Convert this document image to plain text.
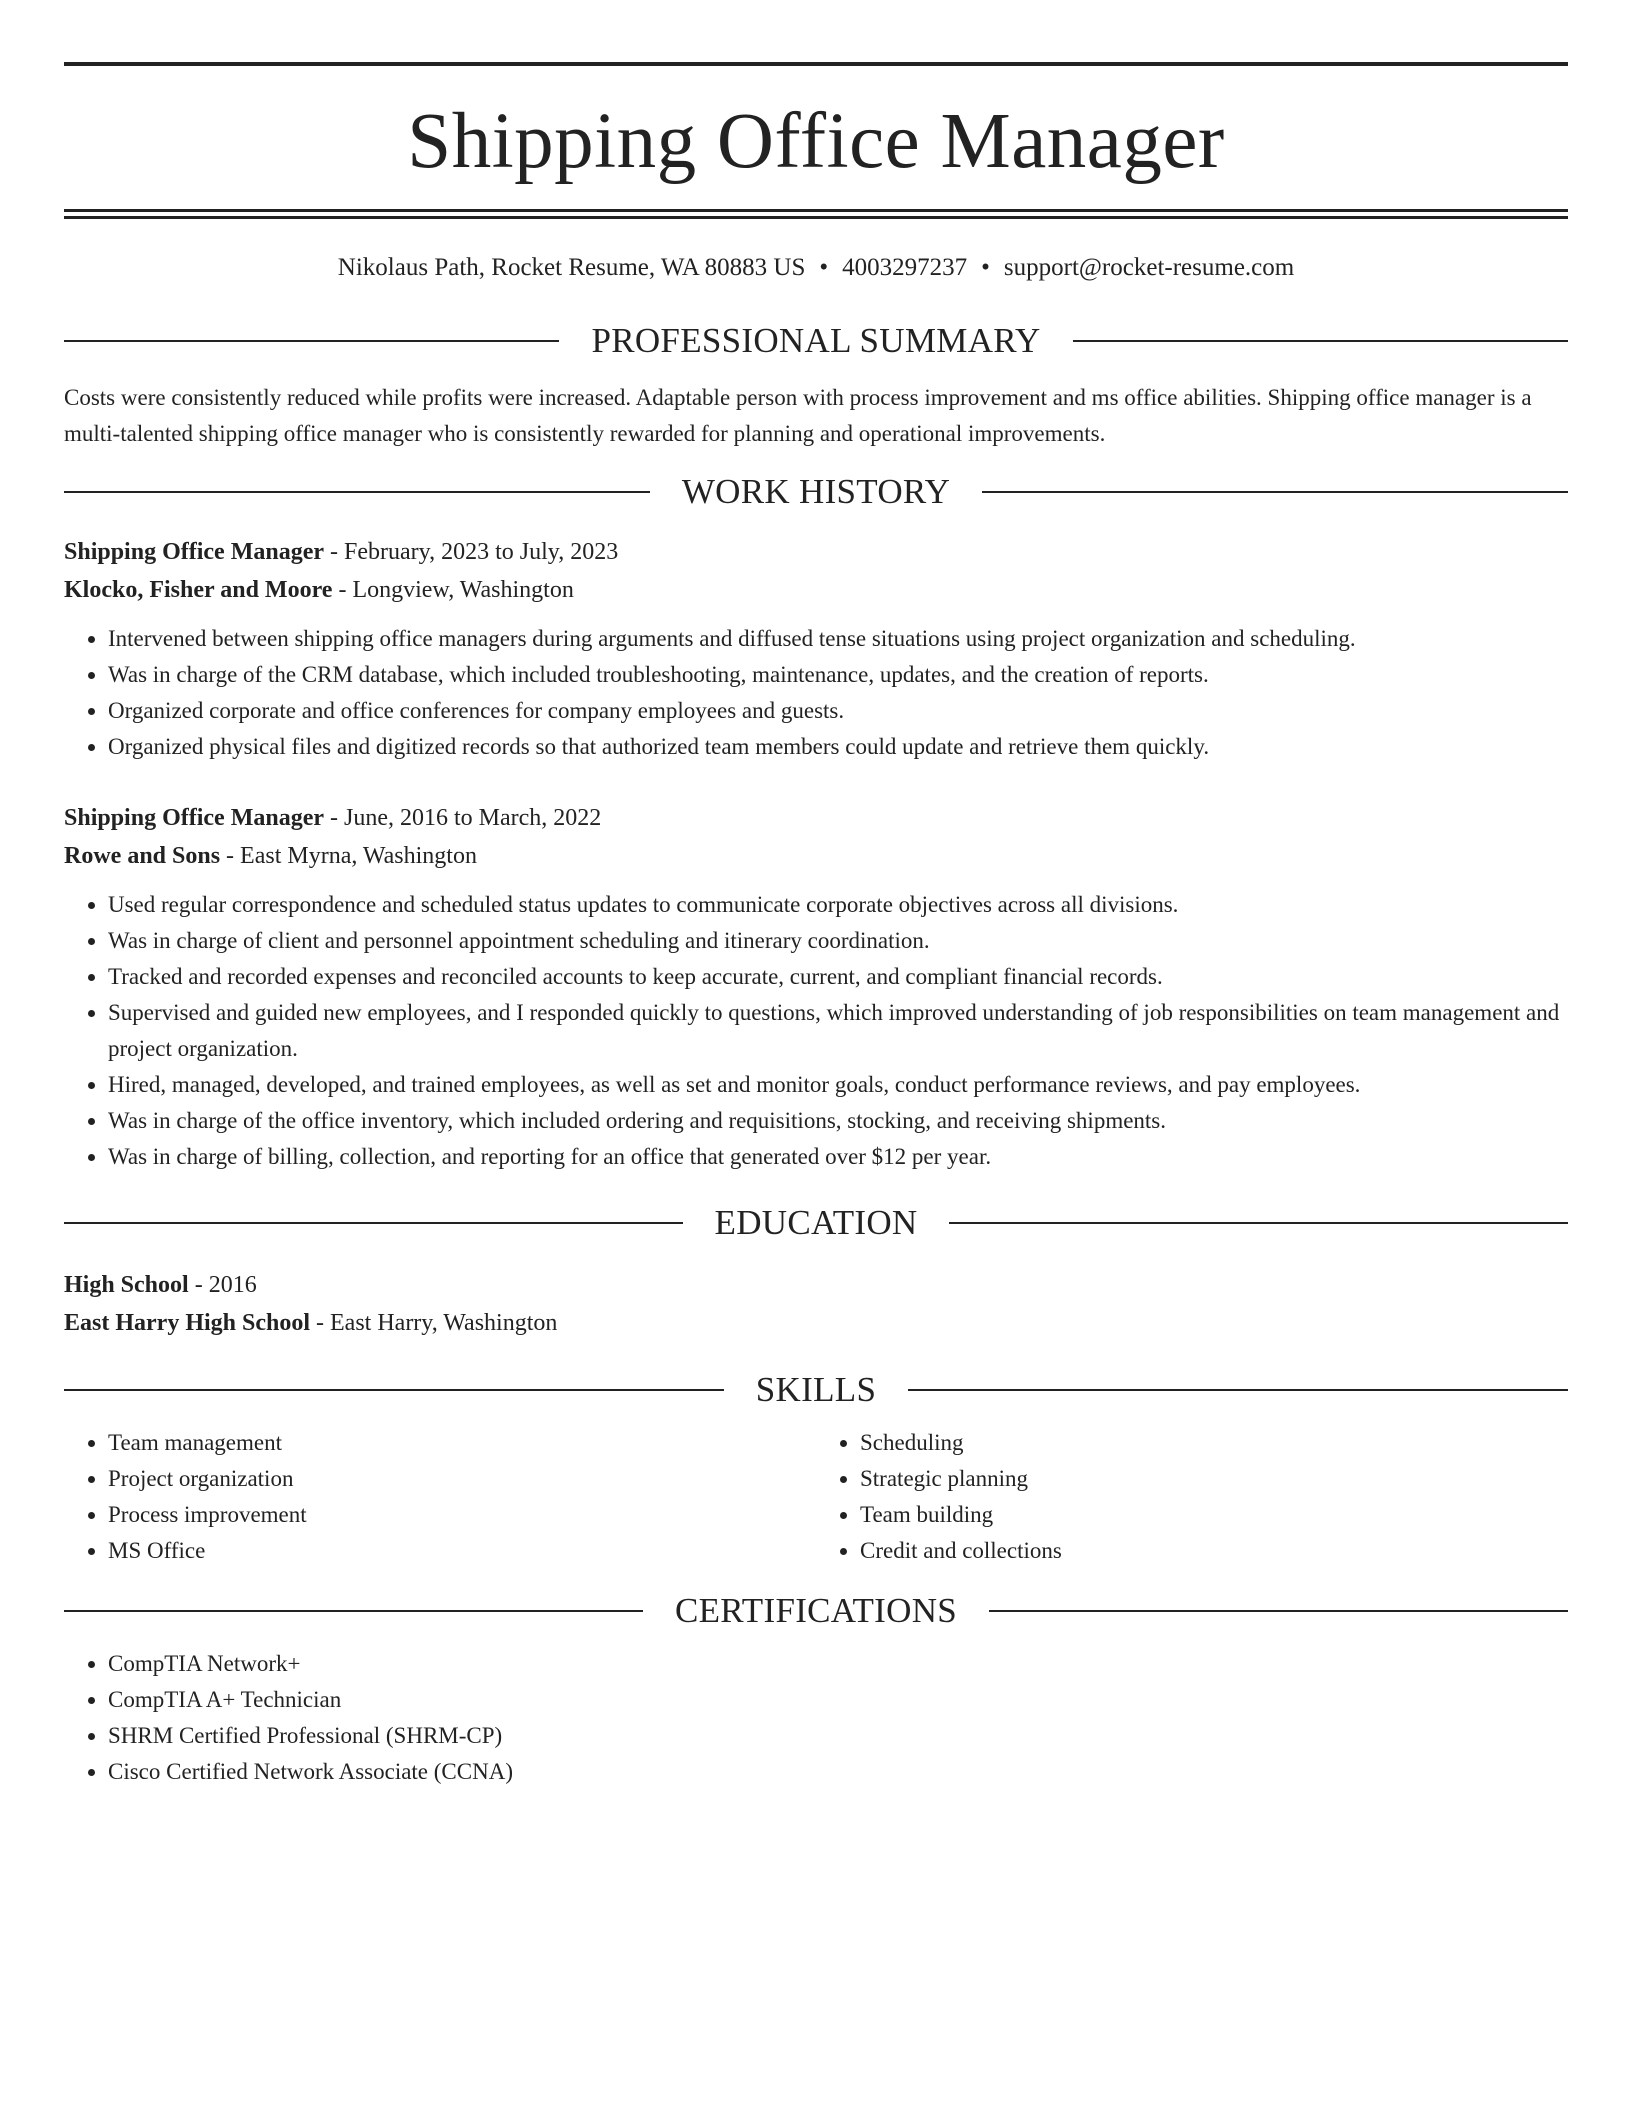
Shipping Office Manager
Nikolaus Path, Rocket Resume, WA 80883 US • 4003297237 • support@rocket-resume.com
PROFESSIONAL SUMMARY

Costs were consistently reduced while profits were increased. Adaptable person with process improvement and ms office abilities. Shipping office manager is a multi-talented shipping office manager who is consistently rewarded for planning and operational improvements.

WORK HISTORY
Shipping Office Manager - February, 2023 to July, 2023
Klocko, Fisher and Moore - Longview, Washington
• Intervened between shipping office managers during arguments and diffused tense situations using project organization and scheduling.
• Was in charge of the CRM database, which included troubleshooting, maintenance, updates, and the creation of reports.
• Organized corporate and office conferences for company employees and guests.
• Organized physical files and digitized records so that authorized team members could update and retrieve them quickly.
Shipping Office Manager - June, 2016 to March, 2022
Rowe and Sons - East Myrna, Washington
• Used regular correspondence and scheduled status updates to communicate corporate objectives across all divisions.
• Was in charge of client and personnel appointment scheduling and itinerary coordination.
• Tracked and recorded expenses and reconciled accounts to keep accurate, current, and compliant financial records.
• Supervised and guided new employees, and I responded quickly to questions, which improved understanding of job responsibilities on team management and project organization.
• Hired, managed, developed, and trained employees, as well as set and monitor goals, conduct performance reviews, and pay employees.
• Was in charge of the office inventory, which included ordering and requisitions, stocking, and receiving shipments.
• Was in charge of billing, collection, and reporting for an office that generated over $12 per year.
EDUCATION
High School - 2016
East Harry High School - East Harry, Washington
SKILLS
• Team management
• Project organization
• Process improvement
• MS Office
• Scheduling
• Strategic planning
• Team building
• Credit and collections
CERTIFICATIONS
• CompTIA Network+
• CompTIA A+ Technician
• SHRM Certified Professional (SHRM-CP)
• Cisco Certified Network Associate (CCNA)
